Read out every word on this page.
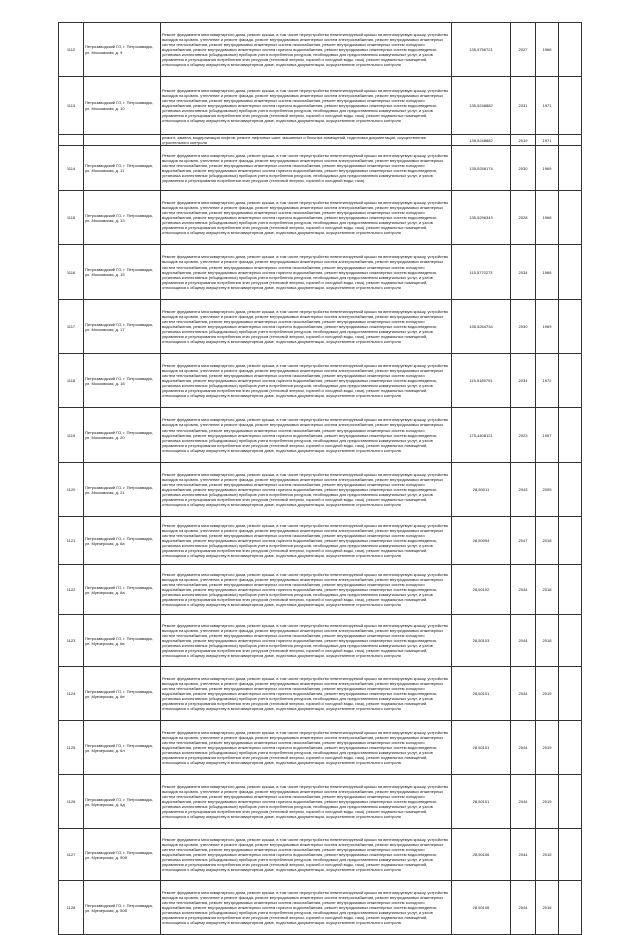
1112	Петрозаводский ГО, г. Петрозаводск, ул. Московская, д. 9	Ремонт фундамента многоквартирного дома, ремонт крыши, в том числе переустройство невентилируемой крыши на вентилируемую крышу, устройство выходов на кровлю, утепление и ремонт фасада, ремонт внутридомовых инженерных систем электроснабжения, ремонт внутридомовых инженерных систем теплоснабжения, ремонт внутридомовых инженерных систем газоснабжения, ремонт внутридомовых инженерных систем холодного водоснабжения, ремонт внутридомовых инженерных систем горячего водоснабжения, ремонт внутридомовых инженерных систем водоотведения, установка коллективных (общедомовых) приборов учета потребления ресурсов, необходимых для предоставления коммунальных услуг, и узлов управления и регулирования потребления этих ресурсов (тепловой энергии, горячей и холодной воды, газа), ремонт подвальных помещений, относящихся к общему имуществу в многоквартирном доме, подготовка документации, осуществление строительного контроля	135,5756721	2027	1966	
1113	Петрозаводский ГО, г. Петрозаводск, ул. Московская, д. 10	Ремонт фундамента многоквартирного дома, ремонт крыши, в том числе переустройство невентилируемой крыши на вентилируемую крышу, устройство выходов на кровлю, утепление и ремонт фасада, ремонт внутридомовых инженерных систем электроснабжения, ремонт внутридомовых инженерных систем теплоснабжения, ремонт внутридомовых инженерных систем газоснабжения, ремонт внутридомовых инженерных систем холодного водоснабжения, ремонт внутридомовых инженерных систем горячего водоснабжения, ремонт внутридомовых инженерных систем водоотведения, установка коллективных (общедомовых) приборов учета потребления ресурсов, необходимых для предоставления коммунальных услуг, и узлов управления и регулирования потребления этих ресурсов (тепловой энергии, горячей и холодной воды, газа), ремонт подвальных помещений, относящихся к общему имуществу в многоквартирном доме, подготовка документации, осуществление строительного контроля	135,5248882	2031	1971	
		ремонт, замена, модернизация лифтов, ремонт лифтовых шахт, машинных и блочных помещений, подготовка документации, осуществление строительного контроля	135,5248882	2019	1971	
1114	Петрозаводский ГО, г. Петрозаводск, ул. Московская, д. 11	Ремонт фундамента многоквартирного дома, ремонт крыши, в том числе переустройство невентилируемой крыши на вентилируемую крышу, устройство выходов на кровлю, утепление и ремонт фасада, ремонт внутридомовых инженерных систем электроснабжения, ремонт внутридомовых инженерных систем теплоснабжения, ремонт внутридомовых инженерных систем газоснабжения, ремонт внутридомовых инженерных систем холодного водоснабжения, ремонт внутридомовых инженерных систем горячего водоснабжения, ремонт внутридомовых инженерных систем водоотведения, установка коллективных (общедомовых) приборов учета потребления ресурсов, необходимых для предоставления коммунальных услуг, и узлов управления и регулирования потребления этих ресурсов (тепловой энергии, горячей и холодной воды, газа)	135,5258174	2030	1969	
1115	Петрозаводский ГО, г. Петрозаводск, ул. Московская, д. 13	Ремонт фундамента многоквартирного дома, ремонт крыши, в том числе переустройство невентилируемой крыши на вентилируемую крышу, устройство выходов на кровлю, утепление и ремонт фасада, ремонт внутридомовых инженерных систем электроснабжения, ремонт внутридомовых инженерных систем теплоснабжения, ремонт внутридомовых инженерных систем газоснабжения, ремонт внутридомовых инженерных систем холодного водоснабжения, ремонт внутридомовых инженерных систем горячего водоснабжения, ремонт внутридомовых инженерных систем водоотведения, установка коллективных (общедомовых) приборов учета потребления ресурсов, необходимых для предоставления коммунальных услуг, и узлов управления и регулирования потребления этих ресурсов (тепловой энергии, горячей и холодной воды, газа), ремонт подвальных помещений, относящихся к общему имуществу в многоквартирном доме, подготовка документации, осуществление строительного контроля	135,5296343	2028	1968	
1116	Петрозаводский ГО, г. Петрозаводск, ул. Московская, д. 15	Ремонт фундамента многоквартирного дома, ремонт крыши, в том числе переустройство невентилируемой крыши на вентилируемую крышу, устройство выходов на кровлю, утепление и ремонт фасада, ремонт внутридомовых инженерных систем электроснабжения, ремонт внутридомовых инженерных систем теплоснабжения, ремонт внутридомовых инженерных систем газоснабжения, ремонт внутридомовых инженерных систем холодного водоснабжения, ремонт внутридомовых инженерных систем горячего водоснабжения, ремонт внутридомовых инженерных систем водоотведения, установка коллективных (общедомовых) приборов учета потребления ресурсов, необходимых для предоставления коммунальных услуг, и узлов управления и регулирования потребления этих ресурсов (тепловой энергии, горячей и холодной воды, газа), ремонт подвальных помещений, относящихся к общему имуществу в многоквартирном доме, подготовка документации, осуществление строительного контроля	115,5770273	2034	1966	
1117	Петрозаводский ГО, г. Петрозаводск, ул. Московская, д. 17	Ремонт фундамента многоквартирного дома, ремонт крыши, в том числе переустройство невентилируемой крыши на вентилируемую крышу, устройство выходов на кровлю, утепление и ремонт фасада, ремонт внутридомовых инженерных систем электроснабжения, ремонт внутридомовых инженерных систем теплоснабжения, ремонт внутридомовых инженерных систем газоснабжения, ремонт внутридомовых инженерных систем холодного водоснабжения, ремонт внутридомовых инженерных систем горячего водоснабжения, ремонт внутридомовых инженерных систем водоотведения, установка коллективных (общедомовых) приборов учета потребления ресурсов, необходимых для предоставления коммунальных услуг, и узлов управления и регулирования потребления этих ресурсов (тепловой энергии, горячей и холодной воды, газа), ремонт подвальных помещений, относящихся к общему имуществу в многоквартирном доме, подготовка документации, осуществление строительного контроля	135,5264734	2030	1969	
1118	Петрозаводский ГО, г. Петрозаводск, ул. Московская, д. 18	Ремонт фундамента многоквартирного дома, ремонт крыши, в том числе переустройство невентилируемой крыши на вентилируемую крышу, устройство выходов на кровлю, утепление и ремонт фасада, ремонт внутридомовых инженерных систем электроснабжения, ремонт внутридомовых инженерных систем теплоснабжения, ремонт внутридомовых инженерных систем газоснабжения, ремонт внутридомовых инженерных систем холодного водоснабжения, ремонт внутридомовых инженерных систем горячего водоснабжения, ремонт внутридомовых инженерных систем водоотведения, установка коллективных (общедомовых) приборов учета потребления ресурсов, необходимых для предоставления коммунальных услуг, и узлов управления и регулирования потребления этих ресурсов (тепловой энергии, горячей и холодной воды, газа), ремонт подвальных помещений, относящихся к общему имуществу в многоквартирном доме, подготовка документации, осуществление строительного контроля	115,5189791	2034	1972	
1119	Петрозаводский ГО, г. Петрозаводск, ул. Московская, д. 20	Ремонт фундамента многоквартирного дома, ремонт крыши, в том числе переустройство невентилируемой крыши на вентилируемую крышу, устройство выходов на кровлю, утепление и ремонт фасада, ремонт внутридомовых инженерных систем электроснабжения, ремонт внутридомовых инженерных систем теплоснабжения, ремонт внутридомовых инженерных систем газоснабжения, ремонт внутридомовых инженерных систем холодного водоснабжения, ремонт внутридомовых инженерных систем горячего водоснабжения, ремонт внутридомовых инженерных систем водоотведения, установка коллективных (общедомовых) приборов учета потребления ресурсов, необходимых для предоставления коммунальных услуг, и узлов управления и регулирования потребления этих ресурсов (тепловой энергии, горячей и холодной воды, газа), ремонт подвальных помещений, относящихся к общему имуществу в многоквартирном доме, подготовка документации, осуществление строительного контроля	175,4408121	2023	1957	
1120	Петрозаводский ГО, г. Петрозаводск, ул. Московская, д. 21	Ремонт фундамента многоквартирного дома, ремонт крыши, в том числе переустройство невентилируемой крыши на вентилируемую крышу, устройство выходов на кровлю, утепление и ремонт фасада, ремонт внутридомовых инженерных систем электроснабжения, ремонт внутридомовых инженерных систем теплоснабжения, ремонт внутридомовых инженерных систем газоснабжения, ремонт внутридомовых инженерных систем холодного водоснабжения, ремонт внутридомовых инженерных систем горячего водоснабжения, ремонт внутридомовых инженерных систем водоотведения, установка коллективных (общедомовых) приборов учета потребления ресурсов, необходимых для предоставления коммунальных услуг, и узлов управления и регулирования потребления этих ресурсов (тепловой энергии, горячей и холодной воды, газа), ремонт подвальных помещений, относящихся к общему имуществу в многоквартирном доме, подготовка документации, осуществление строительного контроля	28,50011	2043	2005	
1121	Петрозаводский ГО, г. Петрозаводск, ул. Муезерская, д. 6а	Ремонт фундамента многоквартирного дома, ремонт крыши, в том числе переустройство невентилируемой крыши на вентилируемую крышу, устройство выходов на кровлю, утепление и ремонт фасада, ремонт внутридомовых инженерных систем электроснабжения, ремонт внутридомовых инженерных систем теплоснабжения, ремонт внутридомовых инженерных систем газоснабжения, ремонт внутридомовых инженерных систем холодного водоснабжения, ремонт внутридомовых инженерных систем горячего водоснабжения, ремонт внутридомовых инженерных систем водоотведения, установка коллективных (общедомовых) приборов учета потребления ресурсов, необходимых для предоставления коммунальных услуг, и узлов управления и регулирования потребления этих ресурсов (тепловой энергии, горячей и холодной воды, газа), ремонт подвальных помещений, относящихся к общему имуществу в многоквартирном доме, подготовка документации, осуществление строительного контроля	28,50094	2047	2018	
1122	Петрозаводский ГО, г. Петрозаводск, ул. Муезерская, д. 6а	Ремонт фундамента многоквартирного дома, ремонт крыши, в том числе переустройство невентилируемой крыши на вентилируемую крышу, устройство выходов на кровлю, утепление и ремонт фасада, ремонт внутридомовых инженерных систем электроснабжения, ремонт внутридомовых инженерных систем теплоснабжения, ремонт внутридомовых инженерных систем газоснабжения, ремонт внутридомовых инженерных систем холодного водоснабжения, ремонт внутридомовых инженерных систем горячего водоснабжения, ремонт внутридомовых инженерных систем водоотведения, установка коллективных (общедомовых) приборов учета потребления ресурсов, необходимых для предоставления коммунальных услуг, и узлов управления и регулирования потребления этих ресурсов (тепловой энергии, горячей и холодной воды, газа), ремонт подвальных помещений, относящихся к общему имуществу в многоквартирном доме, подготовка документации, осуществление строительного контроля	28,50102	2044	2018	
1123	Петрозаводский ГО, г. Петрозаводск, ул. Муезерская, д. 6в	Ремонт фундамента многоквартирного дома, ремонт крыши, в том числе переустройство невентилируемой крыши на вентилируемую крышу, устройство выходов на кровлю, утепление и ремонт фасада, ремонт внутридомовых инженерных систем электроснабжения, ремонт внутридомовых инженерных систем теплоснабжения, ремонт внутридомовых инженерных систем газоснабжения, ремонт внутридомовых инженерных систем холодного водоснабжения, ремонт внутридомовых инженерных систем горячего водоснабжения, ремонт внутридомовых инженерных систем водоотведения, установка коллективных (общедомовых) приборов учета потребления ресурсов, необходимых для предоставления коммунальных услуг, и узлов управления и регулирования потребления этих ресурсов (тепловой энергии, горячей и холодной воды, газа), ремонт подвальных помещений, относящихся к общему имуществу в многоквартирном доме, подготовка документации, осуществление строительного контроля	28,50103	2044	2018	
1124	Петрозаводский ГО, г. Петрозаводск, ул. Муезерская, д. 6е	Ремонт фундамента многоквартирного дома, ремонт крыши, в том числе переустройство невентилируемой крыши на вентилируемую крышу, устройство выходов на кровлю, утепление и ремонт фасада, ремонт внутридомовых инженерных систем электроснабжения, ремонт внутридомовых инженерных систем теплоснабжения, ремонт внутридомовых инженерных систем газоснабжения, ремонт внутридомовых инженерных систем холодного водоснабжения, ремонт внутридомовых инженерных систем горячего водоснабжения, ремонт внутридомовых инженерных систем водоотведения, установка коллективных (общедомовых) приборов учета потребления ресурсов, необходимых для предоставления коммунальных услуг, и узлов управления и регулирования потребления этих ресурсов (тепловой энергии, горячей и холодной воды, газа), ремонт подвальных помещений, относящихся к общему имуществу в многоквартирном доме, подготовка документации, осуществление строительного контроля	28,50101	2044	2019	
1125	Петрозаводский ГО, г. Петрозаводск, ул. Муезерская, д. 6л	Ремонт фундамента многоквартирного дома, ремонт крыши, в том числе переустройство невентилируемой крыши на вентилируемую крышу, устройство выходов на кровлю, утепление и ремонт фасада, ремонт внутридомовых инженерных систем электроснабжения, ремонт внутридомовых инженерных систем теплоснабжения, ремонт внутридомовых инженерных систем газоснабжения, ремонт внутридомовых инженерных систем холодного водоснабжения, ремонт внутридомовых инженерных систем горячего водоснабжения, ремонт внутридомовых инженерных систем водоотведения, установка коллективных (общедомовых) приборов учета потребления ресурсов, необходимых для предоставления коммунальных услуг, и узлов управления и регулирования потребления этих ресурсов (тепловой энергии, горячей и холодной воды, газа), ремонт подвальных помещений, относящихся к общему имуществу в многоквартирном доме, подготовка документации, осуществление строительного контроля	28,50101	2044	2019	
1126	Петрозаводский ГО, г. Петрозаводск, ул. Муезерская, д. 6д	Ремонт фундамента многоквартирного дома, ремонт крыши, в том числе переустройство невентилируемой крыши на вентилируемую крышу, устройство выходов на кровлю, утепление и ремонт фасада, ремонт внутридомовых инженерных систем электроснабжения, ремонт внутридомовых инженерных систем теплоснабжения, ремонт внутридомовых инженерных систем газоснабжения, ремонт внутридомовых инженерных систем холодного водоснабжения, ремонт внутридомовых инженерных систем горячего водоснабжения, ремонт внутридомовых инженерных систем водоотведения, установка коллективных (общедомовых) приборов учета потребления ресурсов, необходимых для предоставления коммунальных услуг, и узлов управления и регулирования потребления этих ресурсов (тепловой энергии, горячей и холодной воды, газа), ремонт подвальных помещений, относящихся к общему имуществу в многоквартирном доме, подготовка документации, осуществление строительного контроля	28,50101	2044	2019	
1127	Петрозаводский ГО, г. Петрозаводск, ул. Муезерская, д. 50б	Ремонт фундамента многоквартирного дома, ремонт крыши, в том числе переустройство невентилируемой крыши на вентилируемую крышу, устройство выходов на кровлю, утепление и ремонт фасада, ремонт внутридомовых инженерных систем электроснабжения, ремонт внутридомовых инженерных систем теплоснабжения, ремонт внутридомовых инженерных систем газоснабжения, ремонт внутридомовых инженерных систем холодного водоснабжения, ремонт внутридомовых инженерных систем горячего водоснабжения, ремонт внутридомовых инженерных систем водоотведения, установка коллективных (общедомовых) приборов учета потребления ресурсов, необходимых для предоставления коммунальных услуг, и узлов управления и регулирования потребления этих ресурсов (тепловой энергии, горячей и холодной воды, газа), ремонт подвальных помещений, относящихся к общему имуществу в многоквартирном доме, подготовка документации, осуществление строительного контроля	28,50106	2044	2015	
1128	Петрозаводский ГО, г. Петрозаводск, ул. Муезерская, д. 50б	Ремонт фундамента многоквартирного дома, ремонт крыши, в том числе переустройство невентилируемой крыши на вентилируемую крышу, устройство выходов на кровлю, утепление и ремонт фасада, ремонт внутридомовых инженерных систем электроснабжения, ремонт внутридомовых инженерных систем теплоснабжения, ремонт внутридомовых инженерных систем газоснабжения, ремонт внутридомовых инженерных систем холодного водоснабжения, ремонт внутридомовых инженерных систем горячего водоснабжения, ремонт внутридомовых инженерных систем водоотведения, установка коллективных (общедомовых) приборов учета потребления ресурсов, необходимых для предоставления коммунальных услуг, и узлов управления и регулирования потребления этих ресурсов (тепловой энергии, горячей и холодной воды, газа), ремонт подвальных помещений, относящихся к общему имуществу в многоквартирном доме, подготовка документации, осуществление строительного контроля	28,50106	2044	2016	
